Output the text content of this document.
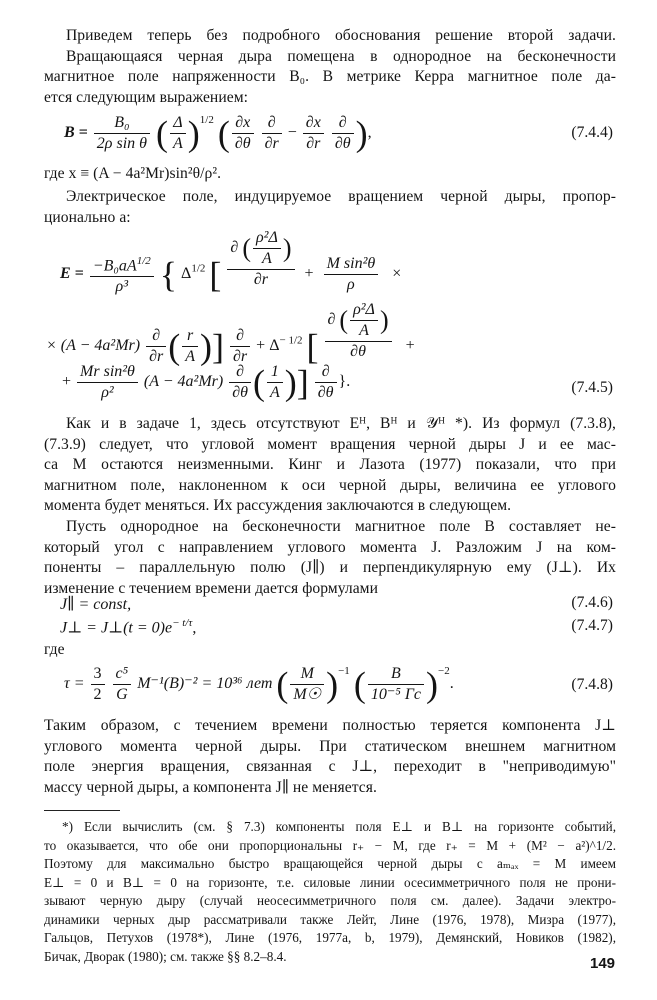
Приведем теперь без подробного обоснования решение второй задачи.
Вращающаяся черная дыра помещена в однородное на бесконечности
магнитное поле напряженности B₀. В метрике Керра магнитное поле да-
ется следующим выражением:
$B = \frac{\text{B₀}}{\text{2ρ sin θ}}$ ( $\frac{\Delta}{A} )^{1/2}$ ( $\frac{\partial x}{\partial\theta}$
$\frac{\partial}{\partial r} - \frac{\partial x}{\partial r}$
$\frac{\partial}{\partial\theta}$ ),	(7.4.4)
где x ≡ (A − 4a²Mr)sin²θ/ρ².
Электрическое поле, индуцируемое вращением черной дыры, пропор-
ционально a:
$E = \frac{-B_0aA^{1/2}}{\text{ρ³}}$ { $\Delta^{1/2}$ [ $\frac{\partial ( \frac{\text{ρ²Δ}}{A} )}{\partial r} + \frac{\text{M sin²θ}}{\rho}$ ×
× $(A - 4a^2Mr) \frac{\partial}{\partial r}$ ( $\frac{r}{A}$ )] $\frac{\partial}{\partial r} + \Delta^{- 1/2}$ [ $\frac{\partial ( \frac{\text{ρ²Δ}}{A} )}{\partial\theta}$ +
+ $\frac{\text{Mr sin²θ}}{\text{ρ²}} (A - 4a^2Mr) \frac{\partial}{\partial\theta}$ ( $\frac{1}{A}$ )] $\frac{\partial}{\partial\theta}$ }.	(7.4.5)
Как и в задаче 1, здесь отсутствуют Eᴴ, Bᴴ и 𝒴ᴴ *). Из формул (7.3.8),
(7.3.9) следует, что угловой момент вращения черной дыры J и ее мас-
са M остаются неизменными. Кинг и Лазота (1977) показали, что при
магнитном поле, наклоненном к оси черной дыры, величина ее углового
момента будет меняться. Их рассуждения заключаются в следующем.
Пусть однородное на бесконечности магнитное поле B составляет не-
который угол с направлением углового момента J. Разложим J на ком-
поненты – параллельную полю (J∥) и перпендикулярную ему (J⊥). Их
изменение с течением времени дается формулами
J∥ = const,	(7.4.6)
J⊥ = J⊥(t = $0)e^{- t/\tau}$,	(7.4.7)
где
$\tau = \frac{3}{2}$
$\frac{\text{c⁵}}{G} M^{-1}(B)^{-2} = 10^{36}$ лет ( $\frac{M}{M☉} )^{-1}$ ( $\frac{B}{\text{10⁻⁵ Гс}} )^{-2}$.	(7.4.8)
Таким образом, с течением времени полностью теряется компонента J⊥
углового момента черной дыры. При статическом внешнем магнитном
поле энергия вращения, связанная с J⊥, переходит в "неприводимую"
массу черной дыры, а компонента J∥ не меняется.
*) Если вычислить (см. § 7.3) компоненты поля E⊥ и B⊥ на горизонте событий,
то оказывается, что обе они пропорциональны r₊ − M, где r₊ = M + (M² − a²)^1/2.
Поэтому для максимально быстро вращающейся черной дыры с aₘₐₓ = M имеем
E⊥ = 0 и B⊥ = 0 на горизонте, т.е. силовые линии осесимметричного поля не прони-
зывают черную дыру (случай неосесимметричного поля см. далее). Задачи электро-
динамики черных дыр рассматривали также Лейт, Лине (1976, 1978), Мизра (1977),
Гальцов, Петухов (1978*), Лине (1976, 1977a, b, 1979), Демянский, Новиков (1982),
Бичак, Дворак (1980); см. также §§ 8.2–8.4.	149
